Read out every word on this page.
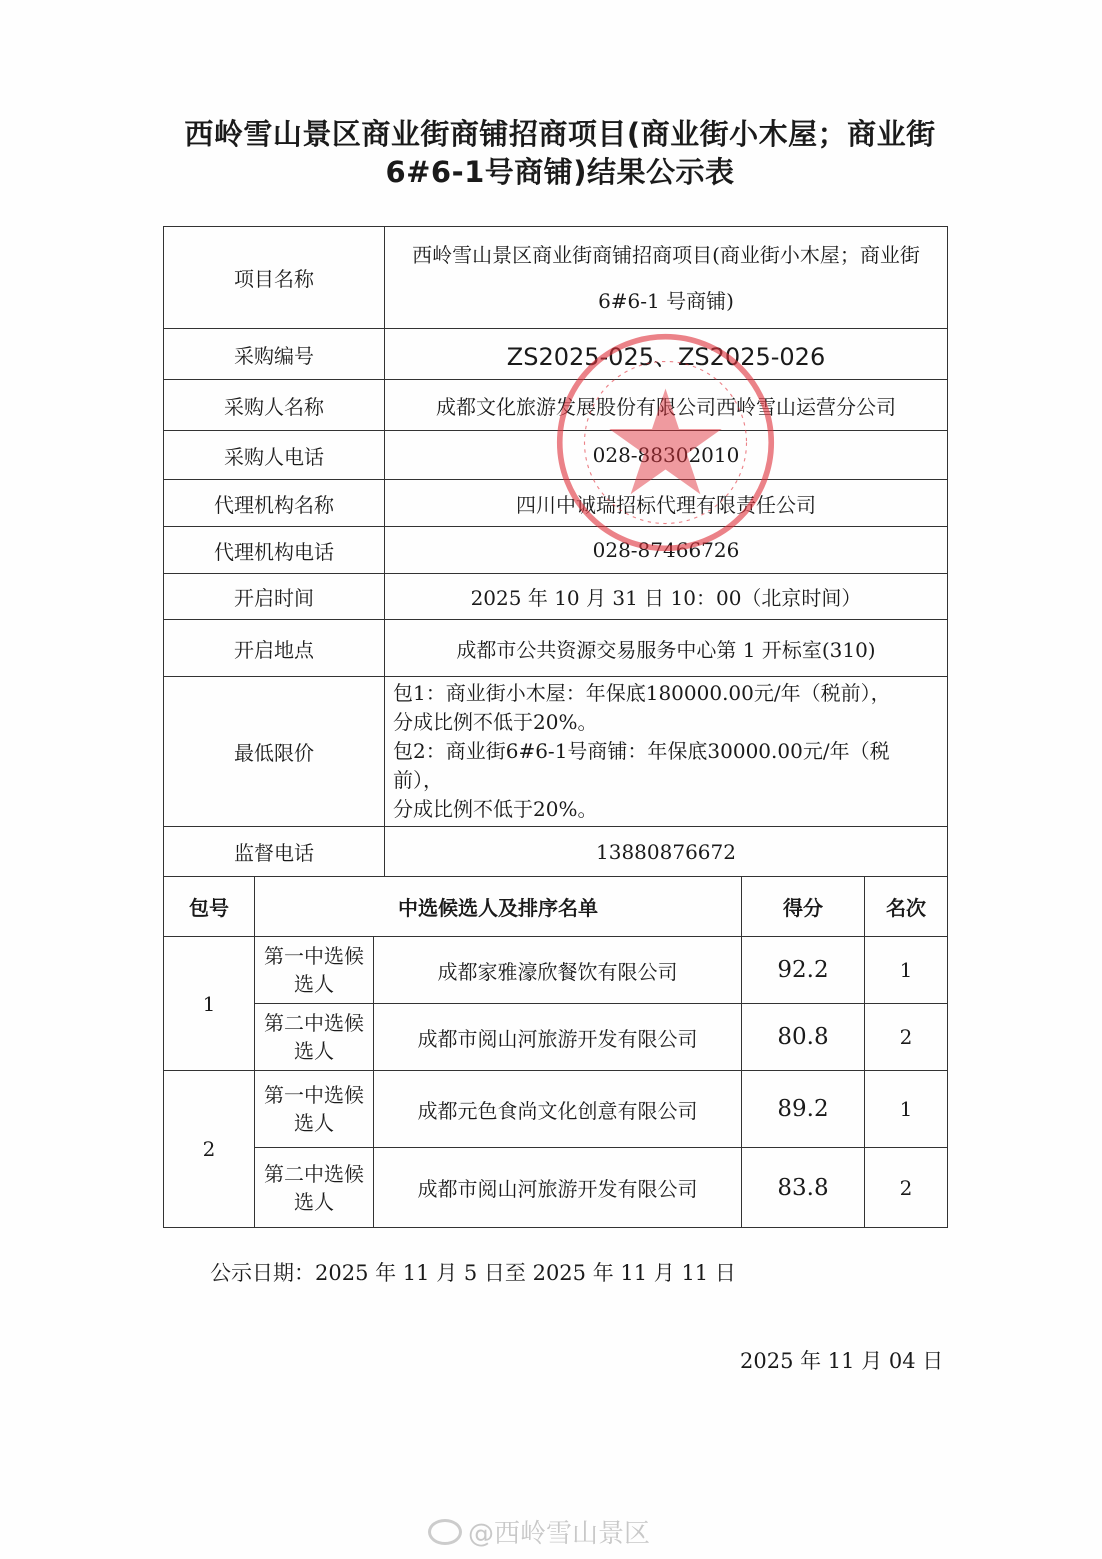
西岭雪山景区商业街商铺招商项目(商业街小木屋；商业街6#6-1号商铺)结果公示表
项目名称	西岭雪山景区商业街商铺招商项目(商业街小木屋；商业街 6#6-1 号商铺)
采购编号	ZS2025-025、ZS2025-026
采购人名称	成都文化旅游发展股份有限公司西岭雪山运营分公司
采购人电话	028-88302010
代理机构名称	四川中诚瑞招标代理有限责任公司
代理机构电话	028-87466726
开启时间	2025 年 10 月 31 日 10：00（北京时间）
开启地点	成都市公共资源交易服务中心第 1 开标室(310)
最低限价	包1：商业街小木屋：年保底180000.00元/年（税前），
分成比例不低于20%。
包2：商业街6#6-1号商铺：年保底30000.00元/年（税前），
分成比例不低于20%。

监督电话	13880876672
包号	中选候选人及排序名单		得分	名次
1	第一中选候选人	成都家雅濠欣餐饮有限公司	92.2	1
	第二中选候选人	成都市阅山河旅游开发有限公司	80.8	2
2	第一中选候选人	成都元色食尚文化创意有限公司	89.2	1
	第二中选候选人	成都市阅山河旅游开发有限公司	83.8	2
公示日期：2025 年 11 月 5 日至 2025 年 11 月 11 日
2025 年 11 月 04 日
@西岭雪山景区
